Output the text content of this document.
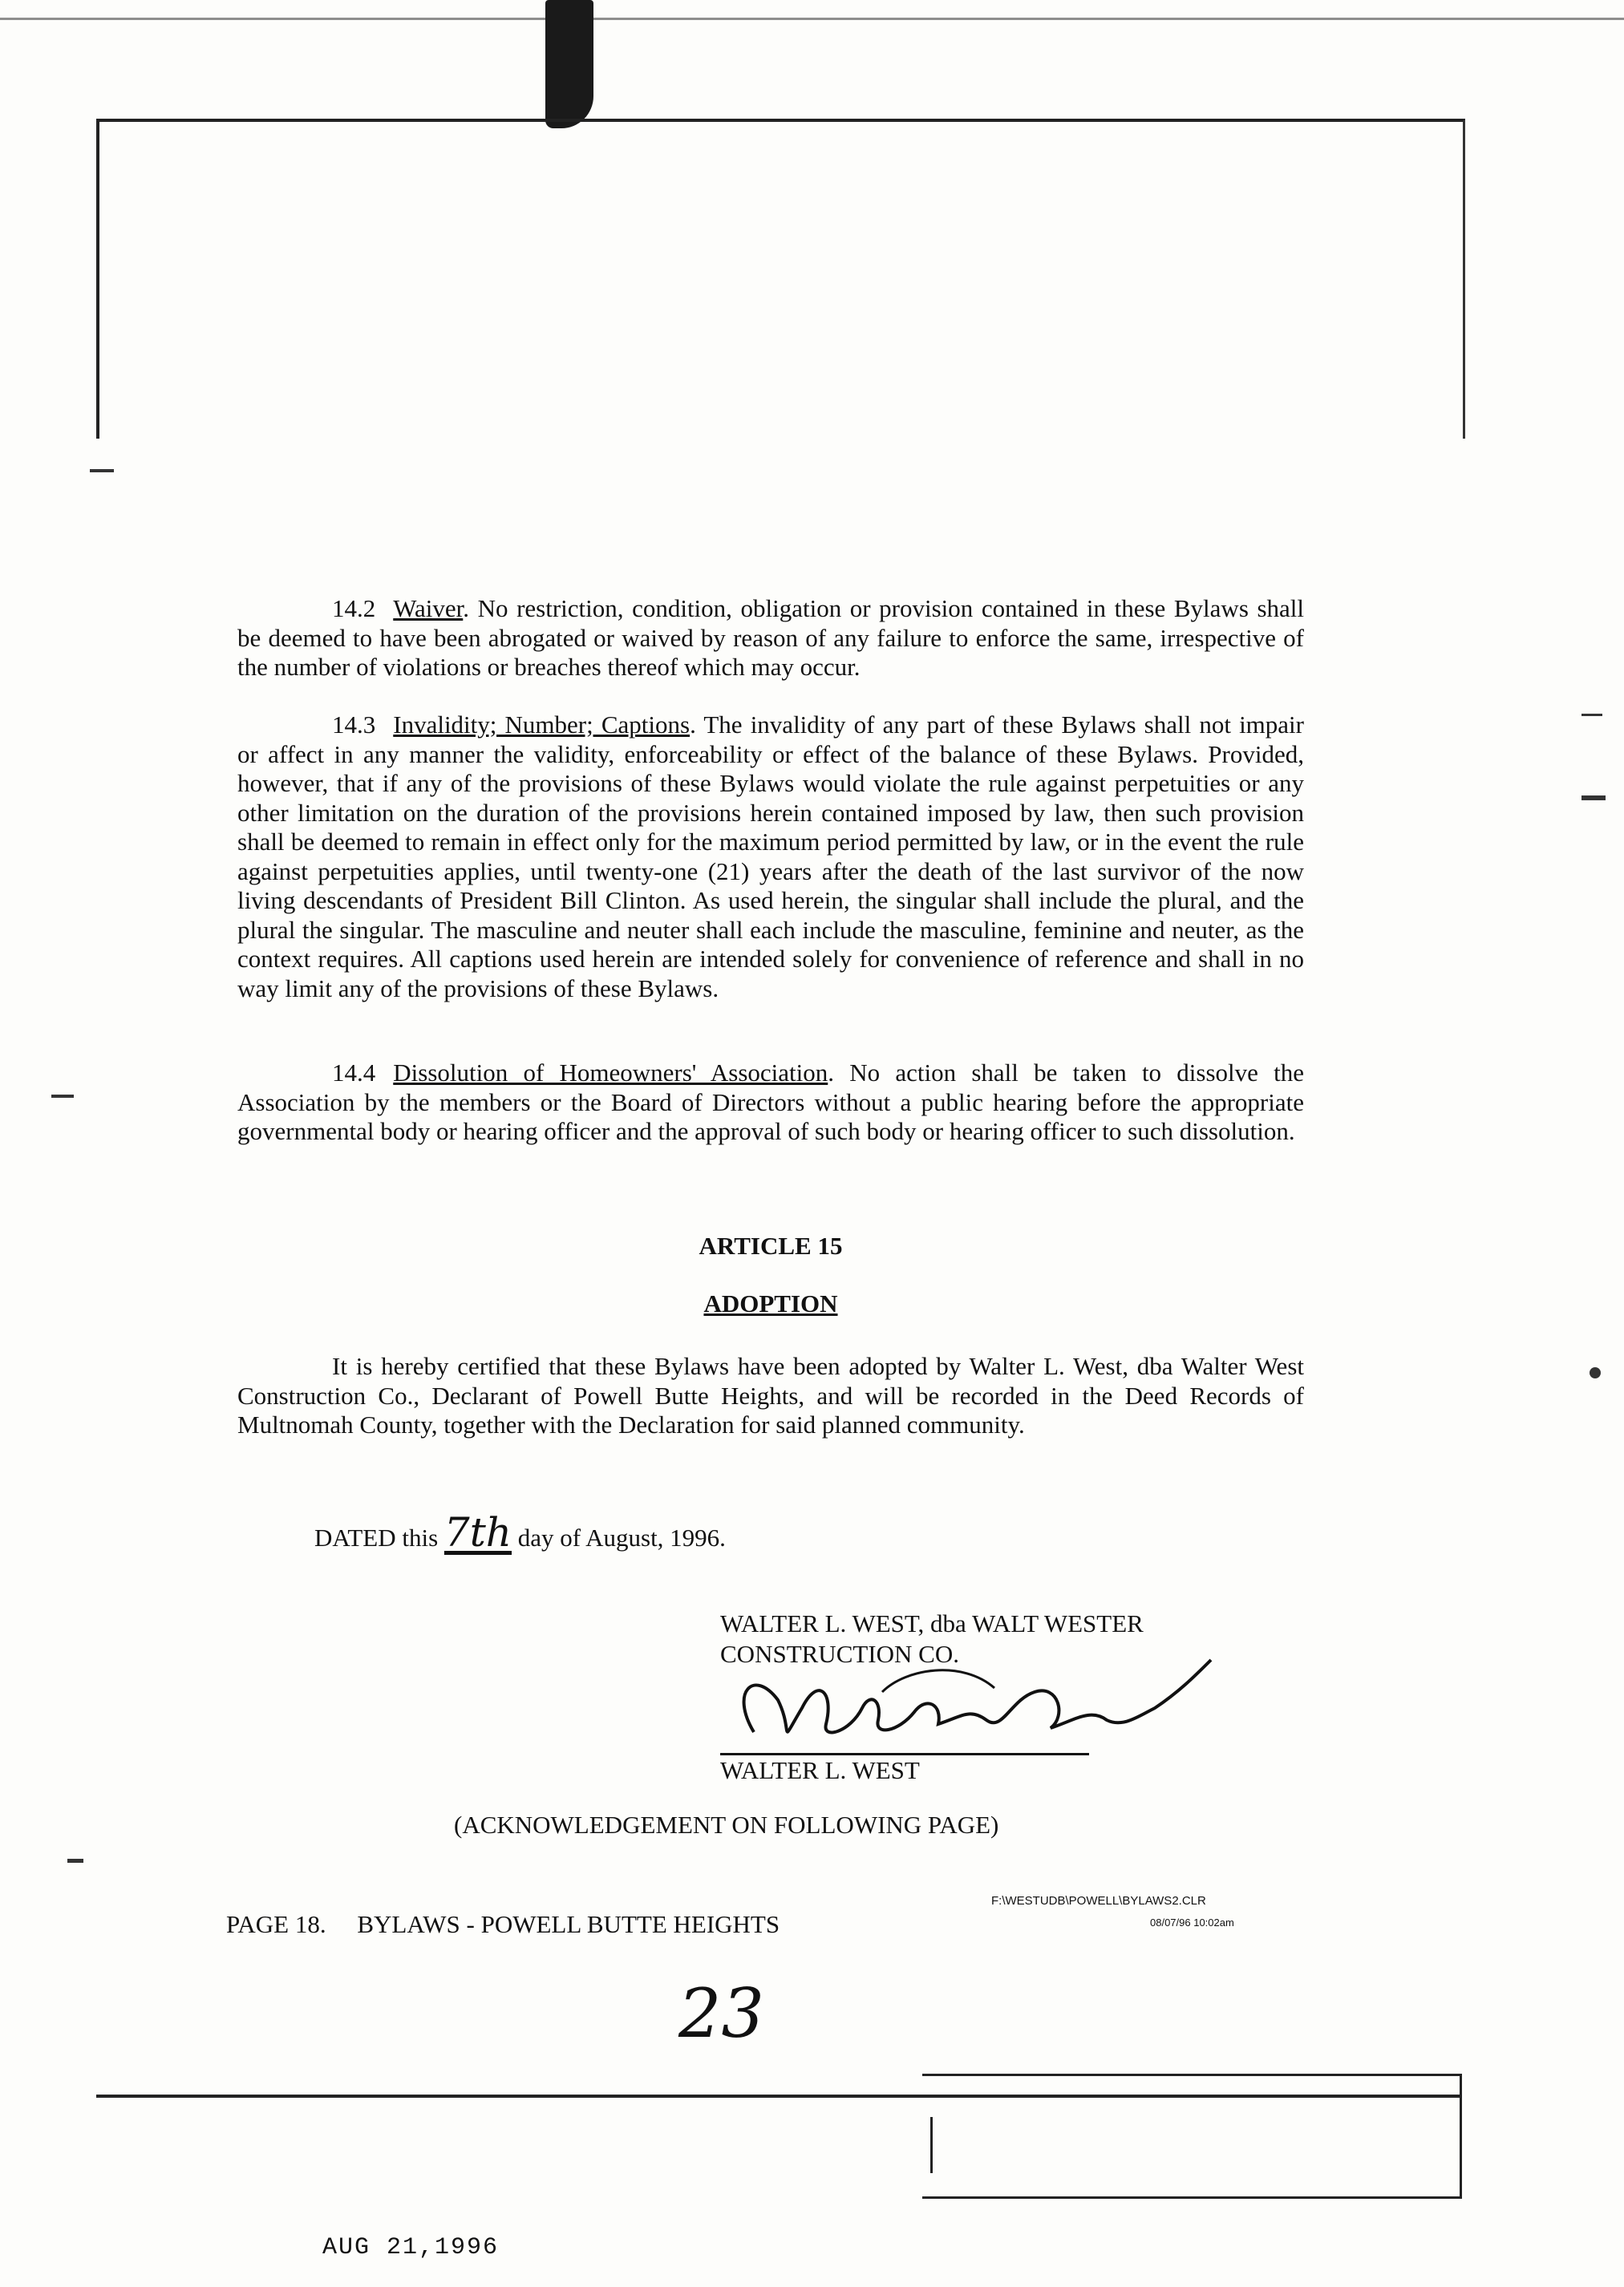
14.2 Waiver. No restriction, condition, obligation or provision contained in these Bylaws shall be deemed to have been abrogated or waived by reason of any failure to enforce the same, irrespective of the number of violations or breaches thereof which may occur.
14.3 Invalidity; Number; Captions. The invalidity of any part of these Bylaws shall not impair or affect in any manner the validity, enforceability or effect of the balance of these Bylaws. Provided, however, that if any of the provisions of these Bylaws would violate the rule against perpetuities or any other limitation on the duration of the provisions herein contained imposed by law, then such provision shall be deemed to remain in effect only for the maximum period permitted by law, or in the event the rule against perpetuities applies, until twenty-one (21) years after the death of the last survivor of the now living descendants of President Bill Clinton. As used herein, the singular shall include the plural, and the plural the singular. The masculine and neuter shall each include the masculine, feminine and neuter, as the context requires. All captions used herein are intended solely for convenience of reference and shall in no way limit any of the provisions of these Bylaws.
14.4 Dissolution of Homeowners' Association. No action shall be taken to dissolve the Association by the members or the Board of Directors without a public hearing before the appropriate governmental body or hearing officer and the approval of such body or hearing officer to such dissolution.
ARTICLE 15
ADOPTION
It is hereby certified that these Bylaws have been adopted by Walter L. West, dba Walter West Construction Co., Declarant of Powell Butte Heights, and will be recorded in the Deed Records of Multnomah County, together with the Declaration for said planned community.
DATED this 7th day of August, 1996.
WALTER L. WEST, dba WALT WESTER
CONSTRUCTION CO.
WALTER L. WEST
(ACKNOWLEDGEMENT ON FOLLOWING PAGE)
PAGE 18. BYLAWS - POWELL BUTTE HEIGHTS
F:\WESTUDB\POWELL\BYLAWS2.CLR
08/07/96 10:02am
23
AUG 21,1996
